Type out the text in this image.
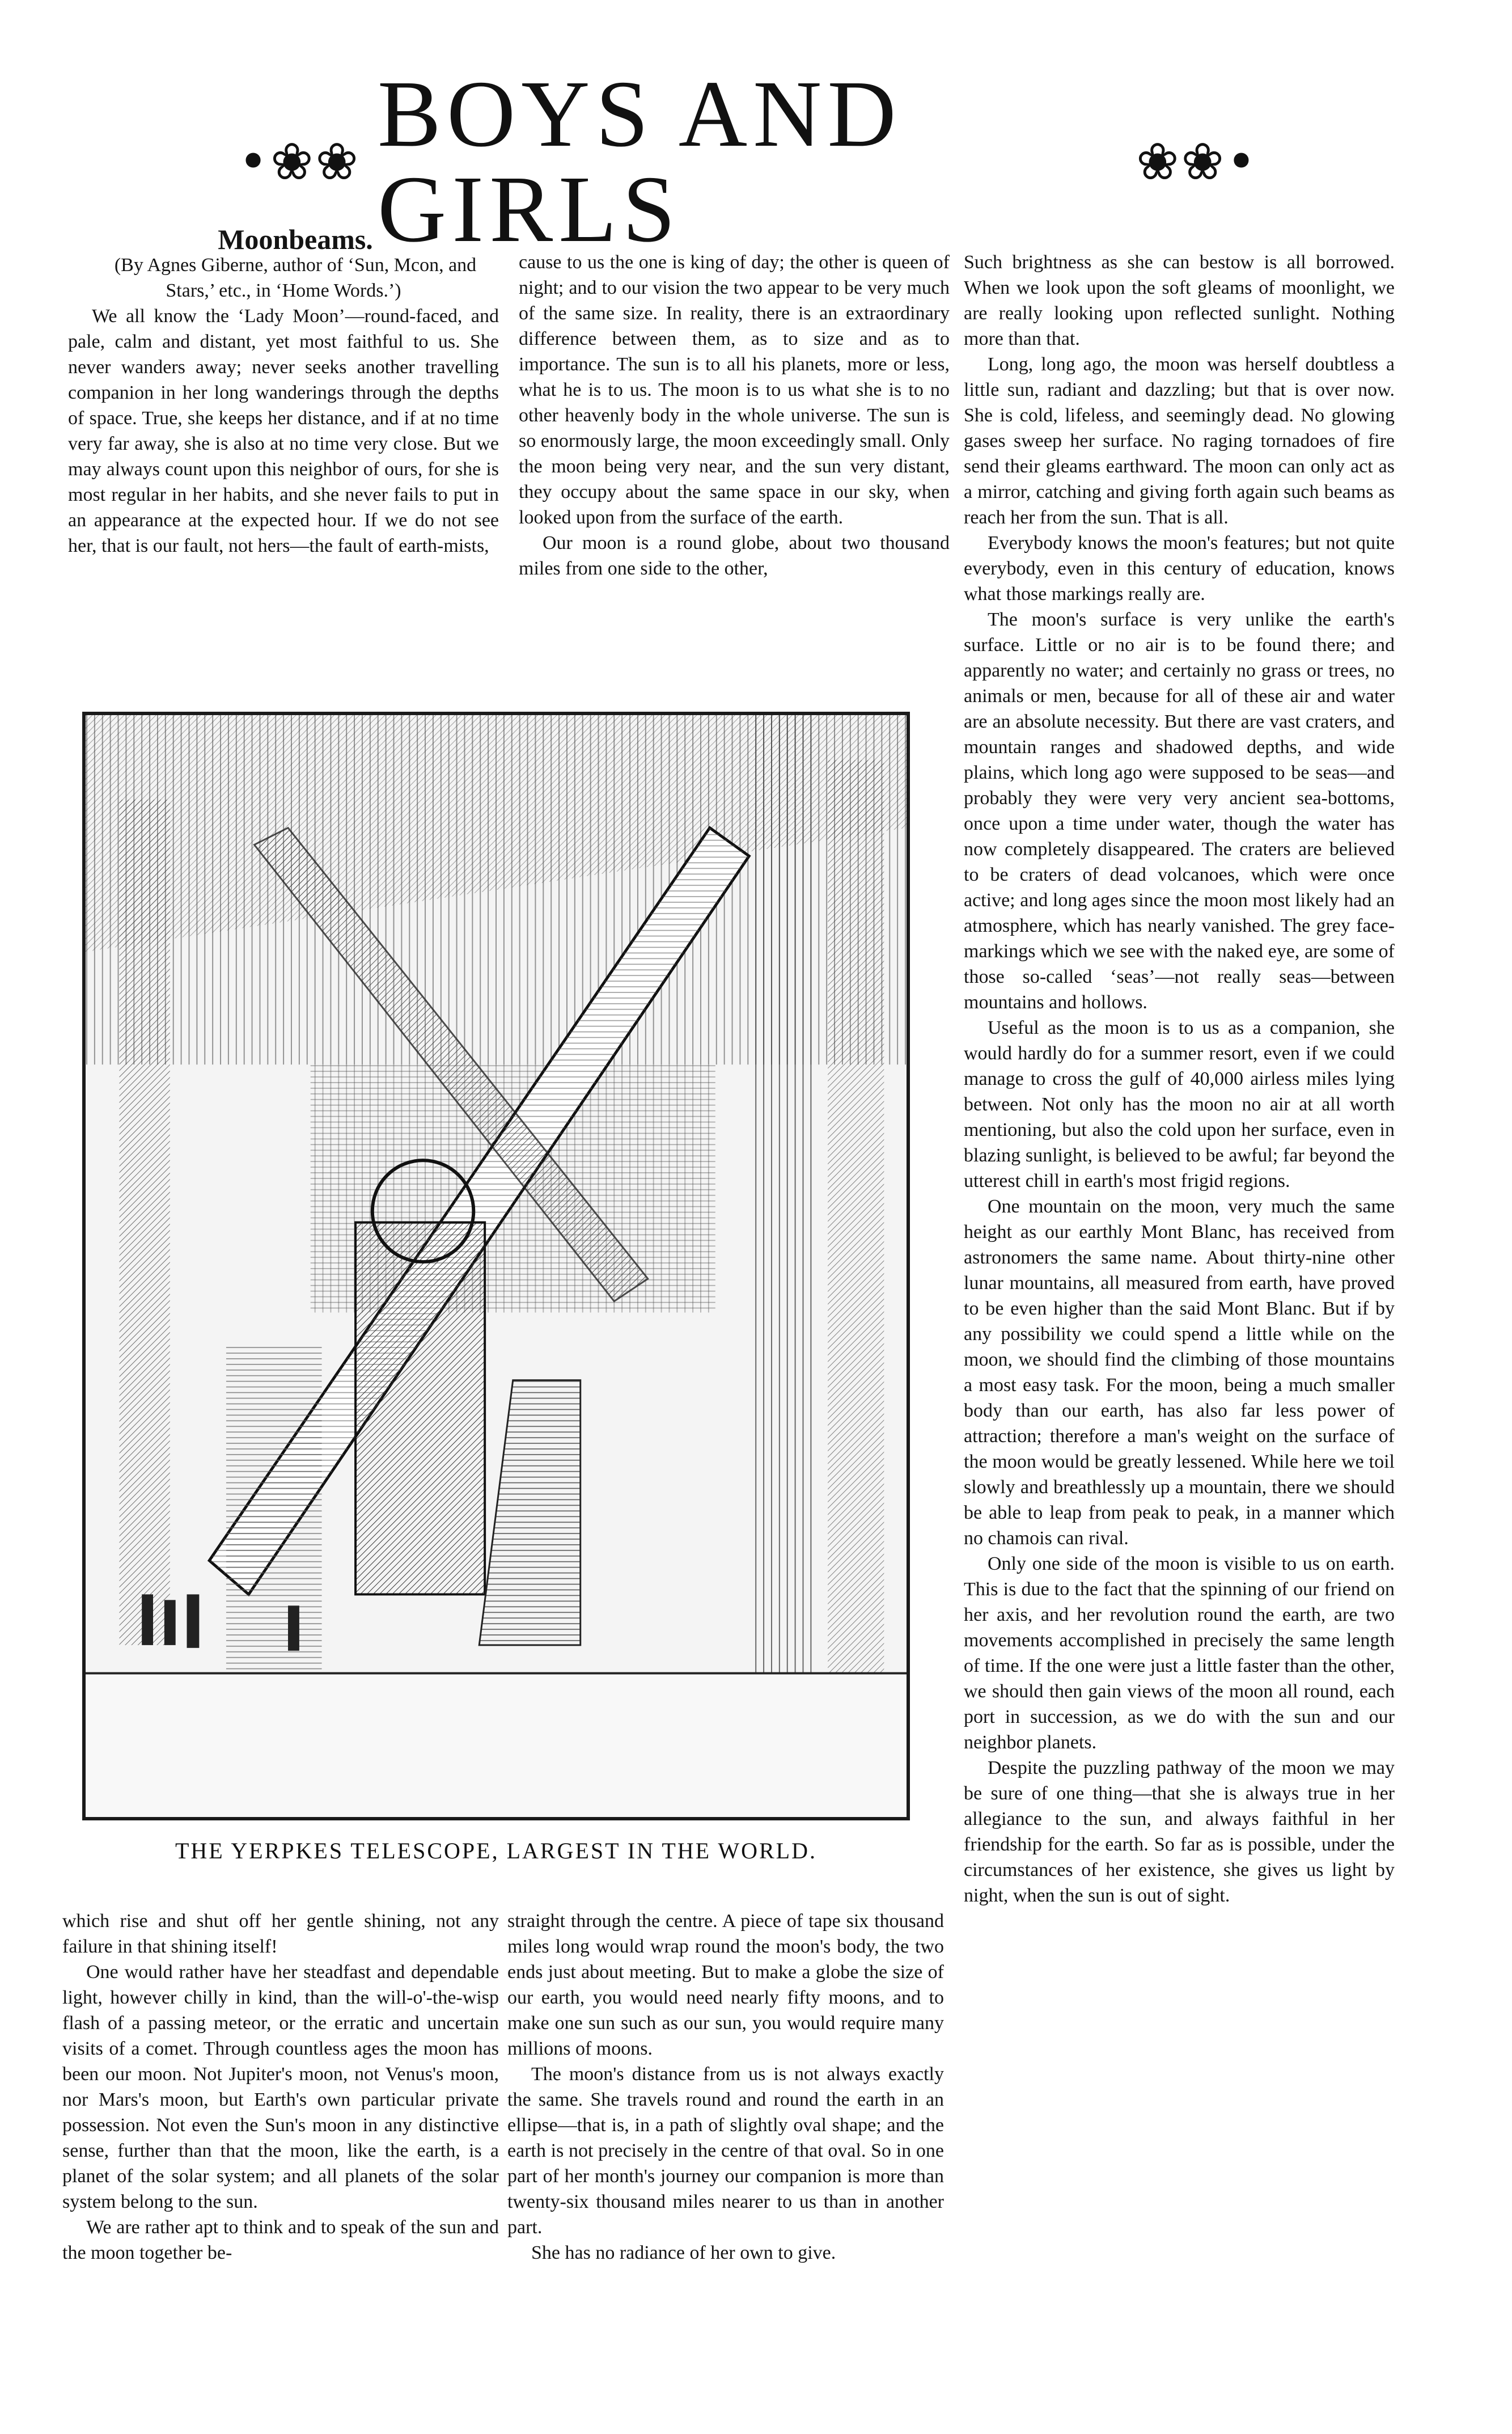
•❀❀ BOYS AND GIRLS	❀❀•

Moonbeams.

(By Agnes Giberne, author of ‘Sun, Mcon, and Stars,’ etc., in ‘Home Words.’)

We all know the ‘Lady Moon’—round-faced, and pale, calm and distant, yet most faithful to us. She never wanders away; never seeks another travelling companion in her long wanderings through the depths of space. True, she keeps her distance, and if at no time very far away, she is also at no time very close. But we may always count upon this neighbor of ours, for she is most regular in her habits, and she never fails to put in an appearance at the expected hour. If we do not see her, that is our fault, not hers—the fault of earth-mists,

cause to us the one is king of day; the other is queen of night; and to our vision the two appear to be very much of the same size. In reality, there is an extraordinary difference between them, as to size and as to importance. The sun is to all his planets, more or less, what he is to us. The moon is to us what she is to no other heavenly body in the whole universe. The sun is so enormously large, the moon exceedingly small. Only the moon being very near, and the sun very distant, they occupy about the same space in our sky, when looked upon from the surface of the earth.

Our moon is a round globe, about two thousand miles from one side to the other,

Such brightness as she can bestow is all borrowed. When we look upon the soft gleams of moonlight, we are really looking upon reflected sunlight. Nothing more than that.

Long, long ago, the moon was herself doubtless a little sun, radiant and dazzling; but that is over now. She is cold, lifeless, and seemingly dead. No glowing gases sweep her surface. No raging tornadoes of fire send their gleams earthward. The moon can only act as a mirror, catching and giving forth again such beams as reach her from the sun. That is all.

Everybody knows the moon's features; but not quite everybody, even in this century of education, knows what those markings really are.

The moon's surface is very unlike the earth's surface. Little or no air is to be found there; and apparently no water; and certainly no grass or trees, no animals or men, because for all of these air and water are an absolute necessity. But there are vast craters, and mountain ranges and shadowed depths, and wide plains, which long ago were supposed to be seas—and probably they were very very ancient sea-bottoms, once upon a time under water, though the water has now completely disappeared. The craters are believed to be craters of dead volcanoes, which were once active; and long ages since the moon most likely had an atmosphere, which has nearly vanished. The grey face-markings which we see with the naked eye, are some of those so-called ‘seas’—not really seas—between mountains and hollows.

Useful as the moon is to us as a companion, she would hardly do for a summer resort, even if we could manage to cross the gulf of 40,000 airless miles lying between. Not only has the moon no air at all worth mentioning, but also the cold upon her surface, even in blazing sunlight, is believed to be awful; far beyond the utterest chill in earth's most frigid regions.

One mountain on the moon, very much the same height as our earthly Mont Blanc, has received from astronomers the same name. About thirty-nine other lunar mountains, all measured from earth, have proved to be even higher than the said Mont Blanc. But if by any possibility we could spend a little while on the moon, we should find the climbing of those mountains a most easy task. For the moon, being a much smaller body than our earth, has also far less power of attraction; therefore a man's weight on the surface of the moon would be greatly lessened. While here we toil slowly and breathlessly up a mountain, there we should be able to leap from peak to peak, in a manner which no chamois can rival.

Only one side of the moon is visible to us on earth. This is due to the fact that the spinning of our friend on her axis, and her revolution round the earth, are two movements accomplished in precisely the same length of time. If the one were just a little faster than the other, we should then gain views of the moon all round, each port in succession, as we do with the sun and our neighbor planets.

Despite the puzzling pathway of the moon we may be sure of one thing—that she is always true in her allegiance to the sun, and always faithful in her friendship for the earth. So far as is possible, under the circumstances of her existence, she gives us light by night, when the sun is out of sight.

THE YERPKES TELESCOPE, LARGEST IN THE WORLD.

which rise and shut off her gentle shining, not any failure in that shining itself!

One would rather have her steadfast and dependable light, however chilly in kind, than the will-o'-the-wisp flash of a passing meteor, or the erratic and uncertain visits of a comet. Through countless ages the moon has been our moon. Not Jupiter's moon, not Venus's moon, nor Mars's moon, but Earth's own particular private possession. Not even the Sun's moon in any distinctive sense, further than that the moon, like the earth, is a planet of the solar system; and all planets of the solar system belong to the sun.

We are rather apt to think and to speak of the sun and the moon together be-

straight through the centre. A piece of tape six thousand miles long would wrap round the moon's body, the two ends just about meeting. But to make a globe the size of our earth, you would need nearly fifty moons, and to make one sun such as our sun, you would require many millions of moons.

The moon's distance from us is not always exactly the same. She travels round and round the earth in an ellipse—that is, in a path of slightly oval shape; and the earth is not precisely in the centre of that oval. So in one part of her month's journey our companion is more than twenty-six thousand miles nearer to us than in another part.

She has no radiance of her own to give.
